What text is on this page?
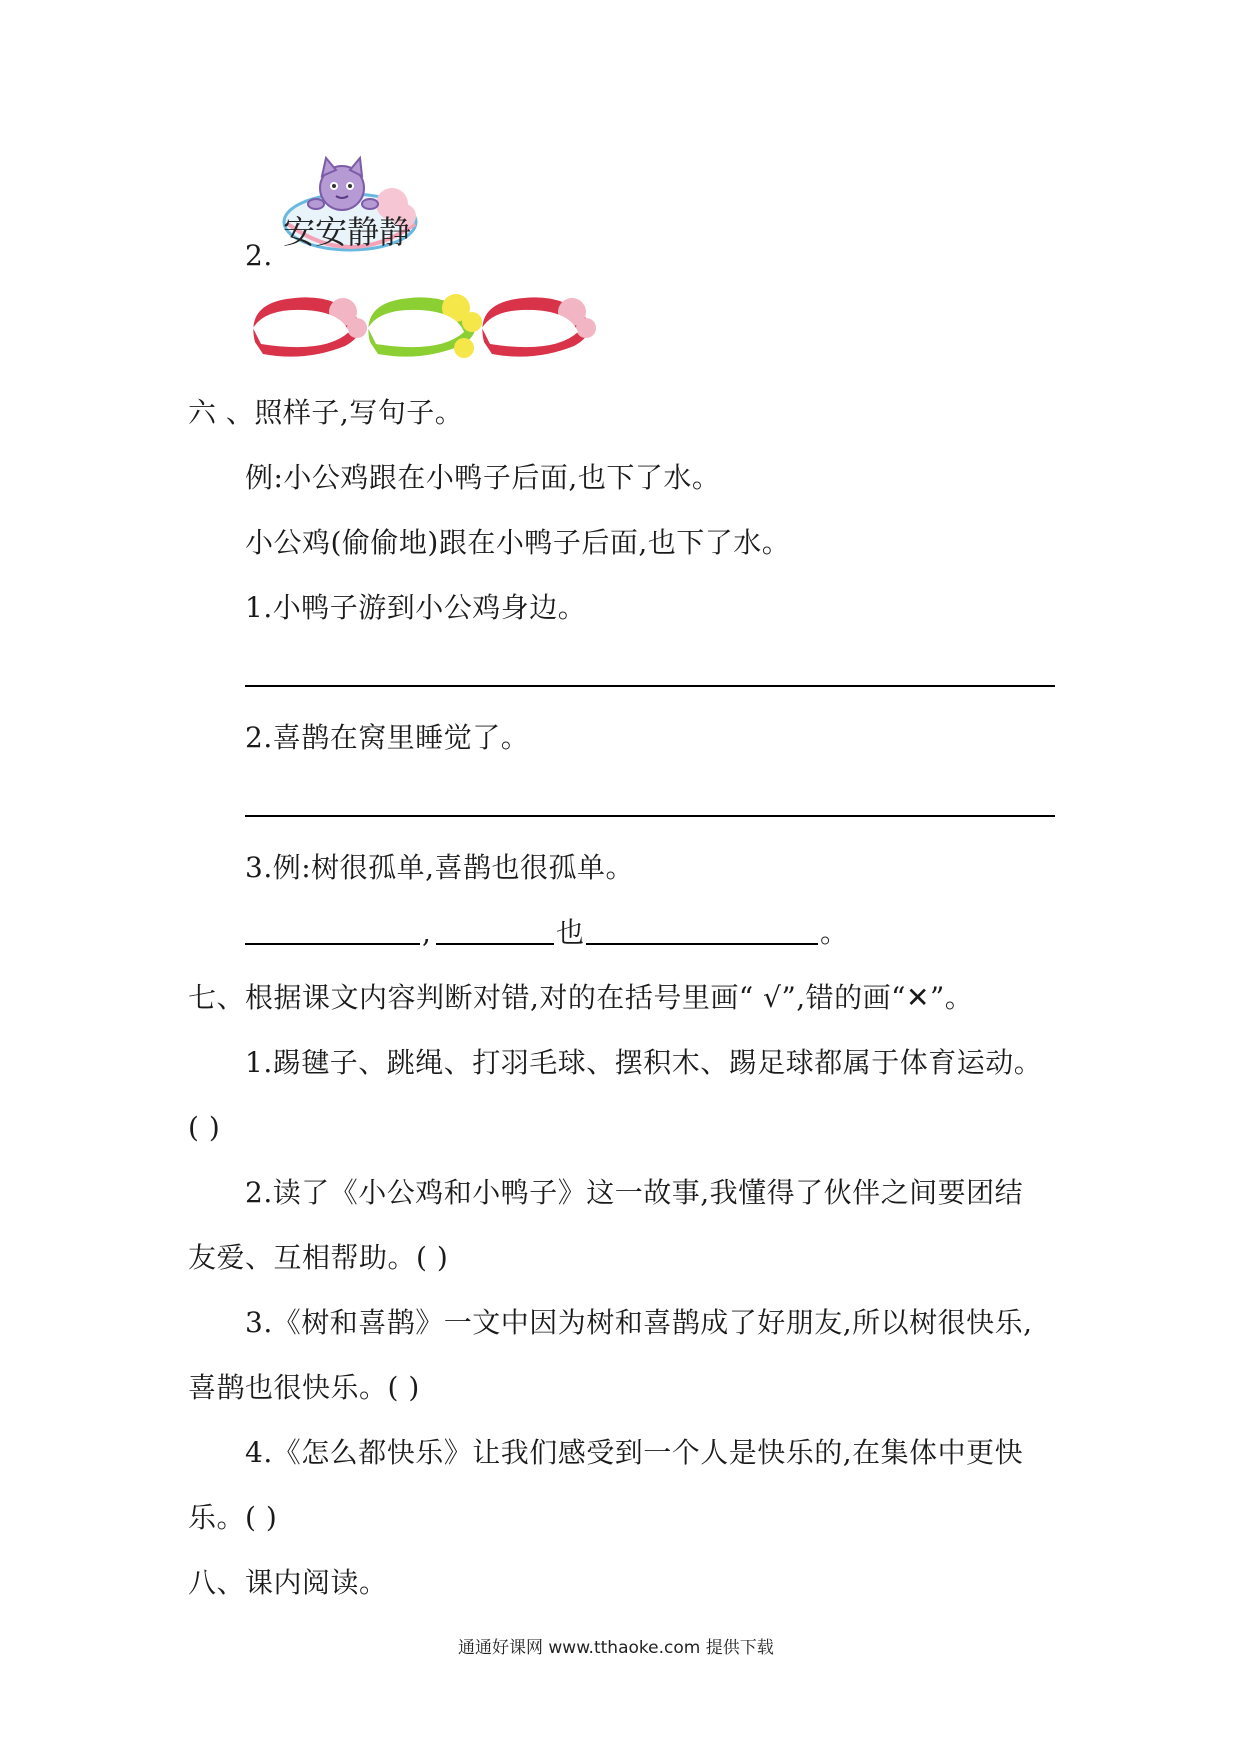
安安静静
2.
六 、照样子,写句子。
例:小公鸡跟在小鸭子后面,也下了水。
小公鸡(偷偷地)跟在小鸭子后面,也下了水。
1.小鸭子游到小公鸡身边。
2.喜鹊在窝里睡觉了。
3.例:树很孤单,喜鹊也很孤单。
,	也	。
七、根据课文内容判断对错,对的在括号里画“ √”,错的画“✕”。
1.踢毽子、跳绳、打羽毛球、摆积木、踢足球都属于体育运动。
( )
2.读了《小公鸡和小鸭子》这一故事,我懂得了伙伴之间要团结
友爱、互相帮助。( )
3.《树和喜鹊》一文中因为树和喜鹊成了好朋友,所以树很快乐,
喜鹊也很快乐。( )
4.《怎么都快乐》让我们感受到一个人是快乐的,在集体中更快
乐。( )
八、课内阅读。
通通好课网 www.tthaoke.com 提供下载
